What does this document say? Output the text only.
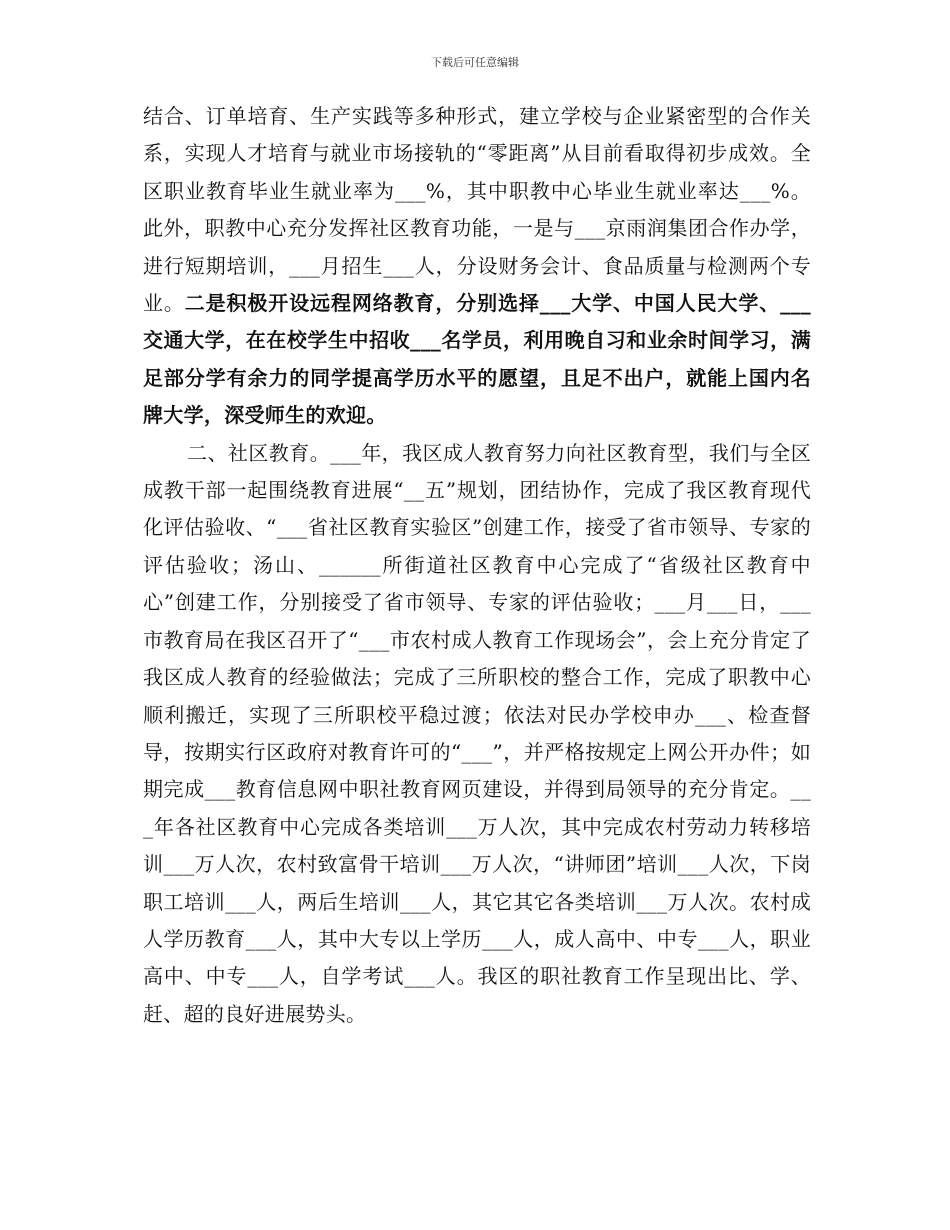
下载后可任意编辑

结合、订单培育、生产实践等多种形式，建立学校与企业紧密型的合作关系，实现人才培育与就业市场接轨的“零距离”从目前看取得初步成效。全区职业教育毕业生就业率为___%，其中职教中心毕业生就业率达___%。此外，职教中心充分发挥社区教育功能，一是与___京雨润集团合作办学，进行短期培训，___月招生___人，分设财务会计、食品质量与检测两个专业。二是积极开设远程网络教育，分别选择___大学、中国人民大学、___交通大学，在在校学生中招收___名学员，利用晚自习和业余时间学习，满足部分学有余力的同学提高学历水平的愿望，且足不出户，就能上国内名牌大学，深受师生的欢迎。

二、社区教育。___年，我区成人教育努力向社区教育型，我们与全区成教干部一起围绕教育进展“__五”规划，团结协作，完成了我区教育现代化评估验收、“___省社区教育实验区”创建工作，接受了省市领导、专家的评估验收；汤山、______所街道社区教育中心完成了“省级社区教育中心”创建工作，分别接受了省市领导、专家的评估验收；___月___日，___市教育局在我区召开了“___市农村成人教育工作现场会”，会上充分肯定了我区成人教育的经验做法；完成了三所职校的整合工作，完成了职教中心顺利搬迁，实现了三所职校平稳过渡；依法对民办学校申办___、检查督导，按期实行区政府对教育许可的“___”，并严格按规定上网公开办件；如期完成___教育信息网中职社教育网页建设，并得到局领导的充分肯定。___年各社区教育中心完成各类培训___万人次，其中完成农村劳动力转移培训___万人次，农村致富骨干培训___万人次，“讲师团”培训___人次，下岗职工培训___人，两后生培训___人，其它其它各类培训___万人次。农村成人学历教育___人，其中大专以上学历___人，成人高中、中专___人，职业高中、中专___人，自学考试___人。我区的职社教育工作呈现出比、学、赶、超的良好进展势头。
